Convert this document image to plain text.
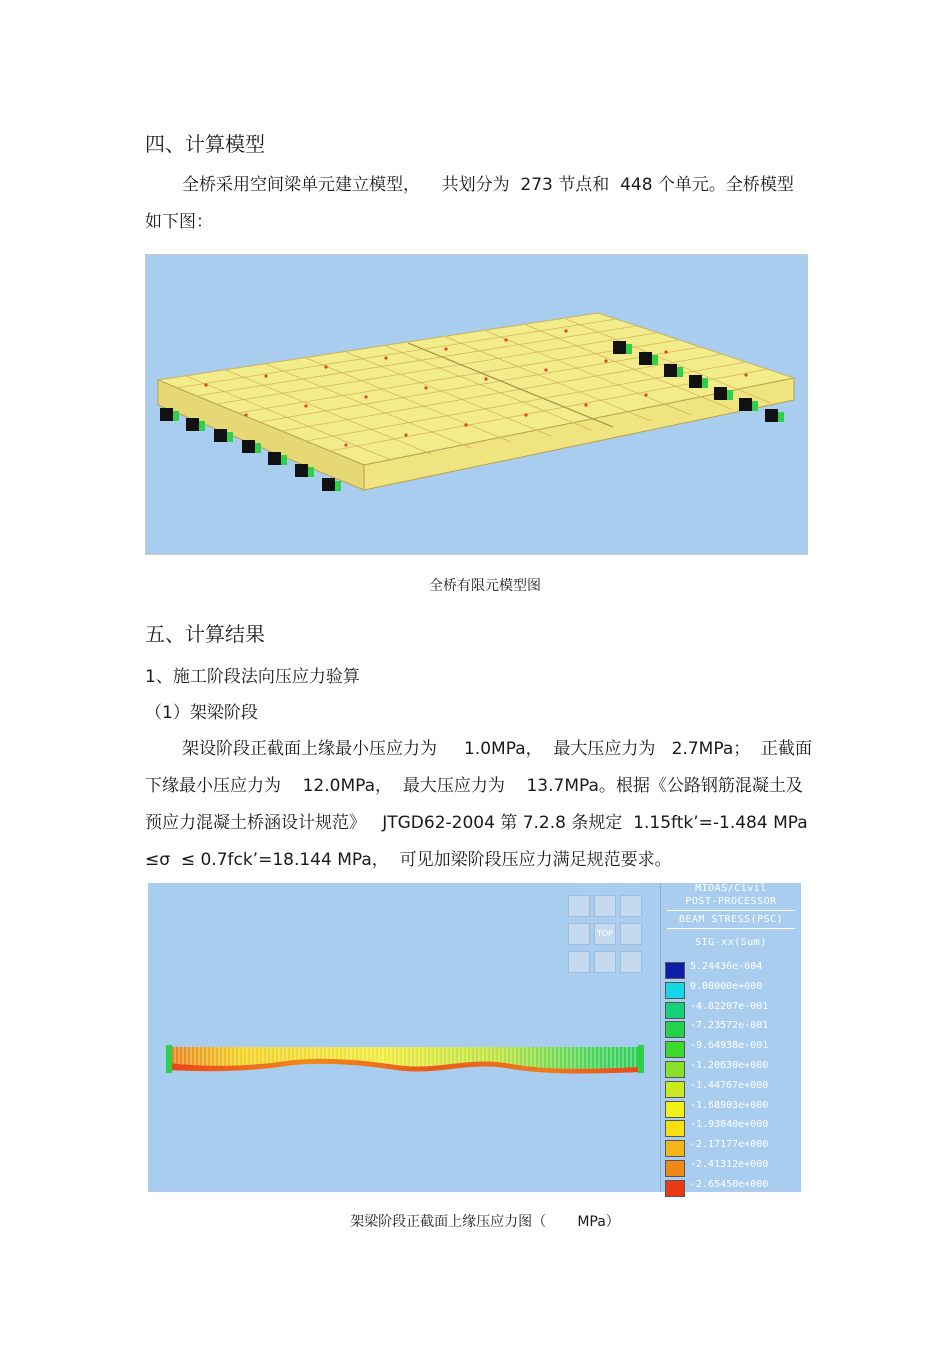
四、计算模型
全桥采用空间梁单元建立模型，    共划分为  273 节点和  448 个单元。全桥模型
如下图：
全桥有限元模型图
五、计算结果
1、施工阶段法向压应力验算
（1）架梁阶段
架设阶段正截面上缘最小压应力为     1.0MPa，  最大压应力为   2.7MPa；  正截面
下缘最小压应力为    12.0MPa，  最大压应力为    13.7MPa。根据《公路钢筋混凝土及
预应力混凝土桥涵设计规范》   JTGD62-2004 第 7.2.8 条规定  1.15ftk’=-1.484 MPa
≤σ  ≤ 0.7fck’=18.144 MPa，  可见加梁阶段压应力满足规范要求。
TOP
MIDAS/Civil
POST-PROCESSOR
BEAM STRESS(PSC)
SIG-xx(Sum)
5.24436e-004
0.00000e+000
-4.82207e-001
-7.23572e-001
-9.64938e-001
-1.20630e+000
-1.44767e+000
-1.68903e+000
-1.93040e+000
-2.17177e+000
-2.41312e+000
-2.65450e+000
架梁阶段正截面上缘压应力图（       MPa）
